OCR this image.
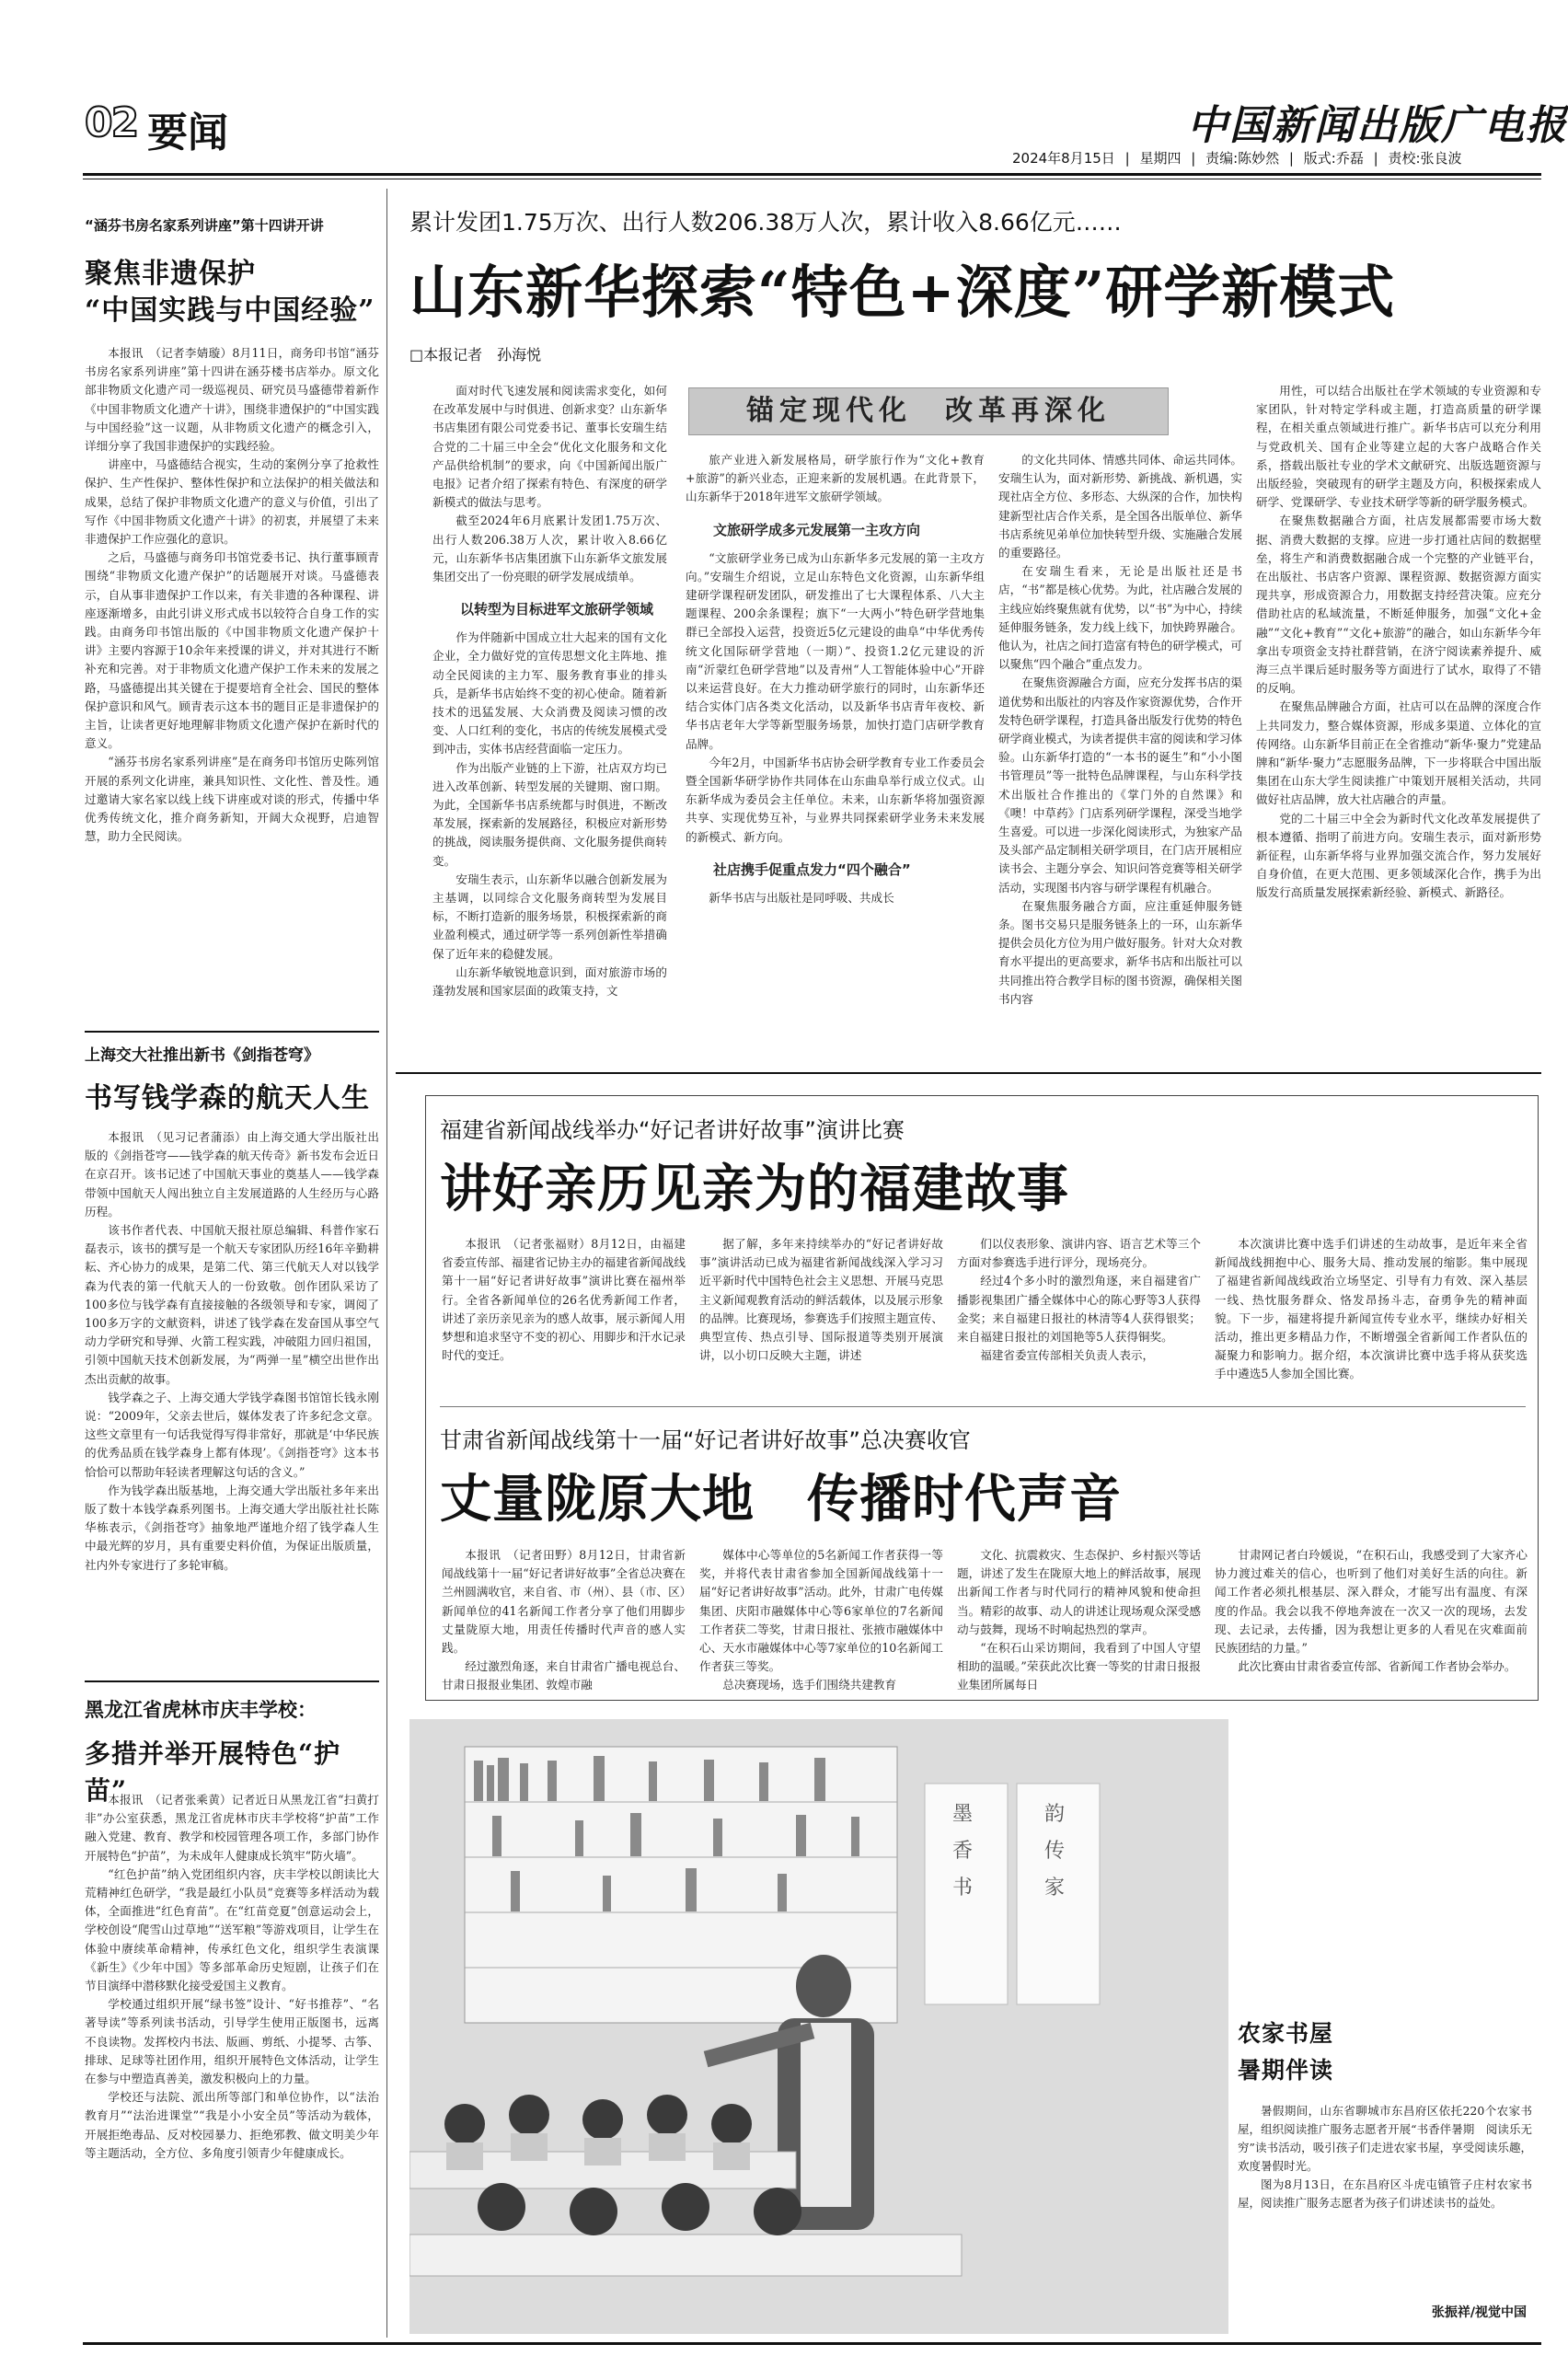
02 要闻	中国新闻出版广电报
2024年8月15日 | 星期四 | 责编:陈妙然 | 版式:乔磊 | 责校:张良波
“涵芬书房名家系列讲座”第十四讲开讲
聚焦非遗保护
“中国实践与中国经验”

本报讯　（记者李婧璇）8月11日，商务印书馆“涵芬书房名家系列讲座”第十四讲在涵芬楼书店举办。原文化部非物质文化遗产司一级巡视员、研究员马盛德带着新作《中国非物质文化遗产十讲》，围绕非遗保护的“中国实践与中国经验”这一议题，从非物质文化遗产的概念引入，详细分享了我国非遗保护的实践经验。

讲座中，马盛德结合视实，生动的案例分享了抢救性保护、生产性保护、整体性保护和立法保护的相关做法和成果，总结了保护非物质文化遗产的意义与价值，引出了写作《中国非物质文化遗产十讲》的初衷，并展望了未来非遗保护工作应强化的意识。

之后，马盛德与商务印书馆党委书记、执行董事顾青围绕“非物质文化遗产保护”的话题展开对谈。马盛德表示，自从事非遗保护工作以来，有关非遗的各种课程、讲座逐渐增多，由此引讲义形式成书以较符合自身工作的实践。由商务印书馆出版的《中国非物质文化遗产保护十讲》主要内容源于10余年来授课的讲义，并对其进行不断补充和完善。对于非物质文化遗产保护工作未来的发展之路，马盛德提出其关键在于提要培育全社会、国民的整体保护意识和风气。顾青表示这本书的题目正是非遗保护的主旨，让读者更好地理解非物质文化遗产保护在新时代的意义。

“涵芬书房名家系列讲座”是在商务印书馆历史陈列馆开展的系列文化讲座，兼具知识性、文化性、普及性。通过邀请大家名家以线上线下讲座或对谈的形式，传播中华优秀传统文化，推介商务新知，开阔大众视野，启迪智慧，助力全民阅读。

上海交大社推出新书《剑指苍穹》
书写钱学森的航天人生

本报讯　（见习记者蒲添）由上海交通大学出版社出版的《剑指苍穹——钱学森的航天传奇》新书发布会近日在京召开。该书记述了中国航天事业的奠基人——钱学森带领中国航天人闯出独立自主发展道路的人生经历与心路历程。

该书作者代表、中国航天报社原总编辑、科普作家石磊表示，该书的撰写是一个航天专家团队历经16年辛勤耕耘、齐心协力的成果，是第二代、第三代航天人对以钱学森为代表的第一代航天人的一份致敬。创作团队采访了100多位与钱学森有直接接触的各级领导和专家，调阅了100多万字的文献资料，讲述了钱学森在发奋国从事空气动力学研究和导弹、火箭工程实践，冲破阻力回归祖国，引领中国航天技术创新发展，为“两弹一星”横空出世作出杰出贡献的故事。

钱学森之子、上海交通大学钱学森图书馆馆长钱永刚说：“2009年，父亲去世后，媒体发表了许多纪念文章。这些文章里有一句话我觉得写得非常好，那就是‘中华民族的优秀品质在钱学森身上都有体现’。《剑指苍穹》这本书恰恰可以帮助年轻读者理解这句话的含义。”

作为钱学森出版基地，上海交通大学出版社多年来出版了数十本钱学森系列图书。上海交通大学出版社社长陈华栋表示，《剑指苍穹》抽象地严谨地介绍了钱学森人生中最光辉的岁月，具有重要史料价值，为保证出版质量，社内外专家进行了多轮审稿。

黑龙江省虎林市庆丰学校：
多措并举开展特色“护苗”

本报讯　（记者张乘黄）记者近日从黑龙江省“扫黄打非”办公室获悉，黑龙江省虎林市庆丰学校将“护苗”工作融入党建、教育、教学和校园管理各项工作，多部门协作开展特色“护苗”，为未成年人健康成长筑牢“防火墙”。

“红色护苗”纳入党团组织内容，庆丰学校以朗读比大荒精神红色研学，“我是最红小队员”竞赛等多样活动为载体，全面推进“红色育苗”。在“红苗竞夏”创意运动会上，学校创设“爬雪山过草地”“送军粮”等游戏项目，让学生在体验中赓续革命精神，传承红色文化，组织学生表演课《新生》《少年中国》等多部革命历史短剧，让孩子们在节目演绎中潜移默化接受爱国主义教育。

学校通过组织开展“绿书签”设计、“好书推荐”、“名著导读”等系列读书活动，引导学生使用正版图书，远离不良读物。发挥校内书法、版画、剪纸、小提琴、古筝、排球、足球等社团作用，组织开展特色文体活动，让学生在参与中塑造真善美，激发积极向上的力量。

学校还与法院、派出所等部门和单位协作，以“法治教育月”“法治进课堂”“我是小小安全员”等活动为载体，开展拒绝毒品、反对校园暴力、拒绝邪教、做文明美少年等主题活动，全方位、多角度引领青少年健康成长。

累计发团1.75万次、出行人数206.38万人次，累计收入8.66亿元……
山东新华探索“特色+深度”研学新模式
□本报记者　孙海悦
锚定现代化　改革再深化

面对时代飞速发展和阅读需求变化，如何在改革发展中与时俱进、创新求变？山东新华书店集团有限公司党委书记、董事长安瑞生结合党的二十届三中全会“优化文化服务和文化产品供给机制”的要求，向《中国新闻出版广电报》记者介绍了探索有特色、有深度的研学新模式的做法与思考。

截至2024年6月底累计发团1.75万次、出行人数206.38万人次，累计收入8.66亿元，山东新华书店集团旗下山东新华文旅发展集团交出了一份亮眼的研学发展成绩单。

以转型为目标进军文旅研学领域

作为伴随新中国成立壮大起来的国有文化企业，全力做好党的宣传思想文化主阵地、推动全民阅读的主力军、服务教育事业的排头兵，是新华书店始终不变的初心使命。随着新技术的迅猛发展、大众消费及阅读习惯的改变、人口红利的变化，书店的传统发展模式受到冲击，实体书店经营面临一定压力。

作为出版产业链的上下游，社店双方均已进入改革创新、转型发展的关键期、窗口期。为此，全国新华书店系统都与时俱进，不断改革发展，探索新的发展路径，积极应对新形势的挑战，阅读服务提供商、文化服务提供商转变。

安瑞生表示，山东新华以融合创新发展为主基调，以同综合文化服务商转型为发展目标，不断打造新的服务场景，积极探索新的商业盈利模式，通过研学等一系列创新性举措确保了近年来的稳健发展。

山东新华敏锐地意识到，面对旅游市场的蓬勃发展和国家层面的政策支持，文

旅产业进入新发展格局，研学旅行作为“文化+教育+旅游”的新兴业态，正迎来新的发展机遇。在此背景下，山东新华于2018年进军文旅研学领域。

文旅研学成多元发展第一主攻方向

“文旅研学业务已成为山东新华多元发展的第一主攻方向。”安瑞生介绍说，立足山东特色文化资源，山东新华组建研学课程研发团队，研发推出了七大课程体系、八大主题课程、200余条课程；旗下“一大两小”特色研学营地集群已全部投入运营，投资近5亿元建设的曲阜“中华优秀传统文化国际研学营地（一期）”、投资1.2亿元建设的沂南“沂蒙红色研学营地”以及青州“人工智能体验中心”开辟以来运营良好。在大力推动研学旅行的同时，山东新华还结合实体门店各类文化活动，以及新华书店青年夜校、新华书店老年大学等新型服务场景，加快打造门店研学教育品牌。

今年2月，中国新华书店协会研学教育专业工作委员会暨全国新华研学协作共同体在山东曲阜举行成立仪式。山东新华成为委员会主任单位。未来，山东新华将加强资源共享、实现优势互补，与业界共同探索研学业务未来发展的新模式、新方向。

社店携手促重点发力“四个融合”

新华书店与出版社是同呼吸、共成长

的文化共同体、情感共同体、命运共同体。安瑞生认为，面对新形势、新挑战、新机遇，实现社店全方位、多形态、大纵深的合作，加快构建新型社店合作关系，是全国各出版单位、新华书店系统见弟单位加快转型升级、实施融合发展的重要路径。

在安瑞生看来，无论是出版社还是书店，“书”都是核心优势。为此，社店融合发展的主线应始终聚焦就有优势，以“书”为中心，持续延伸服务链条，发力线上线下，加快跨界融合。他认为，社店之间打造富有特色的研学模式，可以聚焦“四个融合”重点发力。

在聚焦资源融合方面，应充分发挥书店的渠道优势和出版社的内容及作家资源优势，合作开发特色研学课程，打造具备出版发行优势的特色研学商业模式，为读者提供丰富的阅读和学习体验。山东新华打造的“一本书的诞生”和“小小图书管理员”等一批特色品牌课程，与山东科学技术出版社合作推出的《掌门外的自然课》和《噢！中草药》门店系列研学课程，深受当地学生喜爱。可以进一步深化阅读形式，为独家产品及头部产品定制相关研学项目，在门店开展相应读书会、主题分享会、知识问答竞赛等相关研学活动，实现图书内容与研学课程有机融合。

在聚焦服务融合方面，应注重延伸服务链条。图书交易只是服务链条上的一环，山东新华提供会员化方位为用户做好服务。针对大众对教育水平提出的更高要求，新华书店和出版社可以共同推出符合教学目标的图书资源，确保相关图书内容

用性，可以结合出版社在学术领域的专业资源和专家团队，针对特定学科或主题，打造高质量的研学课程，在相关重点领域进行推广。新华书店可以充分利用与党政机关、国有企业等建立起的大客户战略合作关系，搭载出版社专业的学术文献研究、出版选题资源与出版经验，突破现有的研学主题及方向，积极探索成人研学、党课研学、专业技术研学等新的研学服务模式。

在聚焦数据融合方面，社店发展都需要市场大数据、消费大数据的支撑。应进一步打通社店间的数据壁垒，将生产和消费数据融合成一个完整的产业链平台，在出版社、书店客户资源、课程资源、数据资源方面实现共享，形成资源合力，用数据支持经营决策。应充分借助社店的私域流量，不断延伸服务，加强“文化+金融”“文化+教育”“文化+旅游”的融合，如山东新华今年拿出专项资金支持社群营销，在济宁阅读素养提升、威海三点半课后延时服务等方面进行了试水，取得了不错的反响。

在聚焦品牌融合方面，社店可以在品牌的深度合作上共同发力，整合媒体资源，形成多渠道、立体化的宣传网络。山东新华目前正在全省推动“新华·聚力”党建品牌和“新华·聚力”志愿服务品牌，下一步将联合中国出版集团在山东大学生阅读推广中策划开展相关活动，共同做好社店品牌，放大社店融合的声量。

党的二十届三中全会为新时代文化改革发展提供了根本遵循、指明了前进方向。安瑞生表示，面对新形势新征程，山东新华将与业界加强交流合作，努力发展好自身价值，在更大范围、更多领域深化合作，携手为出版发行高质量发展探索新经验、新模式、新路径。

福建省新闻战线举办“好记者讲好故事”演讲比赛
讲好亲历见亲为的福建故事

本报讯　（记者张福财）8月12日，由福建省委宣传部、福建省记协主办的福建省新闻战线第十一届“好记者讲好故事”演讲比赛在福州举行。全省各新闻单位的26名优秀新闻工作者，讲述了亲历亲见亲为的感人故事，展示新闻人用梦想和追求坚守不变的初心、用脚步和汗水记录时代的变迁。

据了解，多年来持续举办的“好记者讲好故事”演讲活动已成为福建省新闻战线深入学习习近平新时代中国特色社会主义思想、开展马克思主义新闻观教育活动的鲜活载体，以及展示形象的品牌。比赛现场，参赛选手们按照主题宣传、典型宣传、热点引导、国际报道等类别开展演讲，以小切口反映大主题，讲述

们以仪表形象、演讲内容、语言艺术等三个方面对参赛选手进行评分，现场亮分。

经过4个多小时的激烈角逐，来自福建省广播影视集团广播全媒体中心的陈心野等3人获得金奖；来自福建日报社的林清等4人获得银奖；来自福建日报社的刘国艳等5人获得铜奖。

福建省委宣传部相关负责人表示，

本次演讲比赛中选手们讲述的生动故事，是近年来全省新闻战线拥抱中心、服务大局、推动发展的缩影。集中展现了福建省新闻战线政治立场坚定、引导有力有效、深入基层一线、热忱服务群众、恪发昂扬斗志，奋勇争先的精神面貌。下一步，福建将提升新闻宣传专业水平，继续办好相关活动，推出更多精品力作，不断增强全省新闻工作者队伍的凝聚力和影响力。据介绍，本次演讲比赛中选手将从获奖选手中遴选5人参加全国比赛。

甘肃省新闻战线第十一届“好记者讲好故事”总决赛收官
丈量陇原大地　传播时代声音

本报讯　（记者田野）8月12日，甘肃省新闻战线第十一届“好记者讲好故事”全省总决赛在兰州圆满收官，来自省、市（州）、县（市、区）新闻单位的41名新闻工作者分享了他们用脚步丈量陇原大地，用责任传播时代声音的感人实践。

经过激烈角逐，来自甘肃省广播电视总台、甘肃日报报业集团、敦煌市融

媒体中心等单位的5名新闻工作者获得一等奖，并将代表甘肃省参加全国新闻战线第十一届“好记者讲好故事”活动。此外，甘肃广电传媒集团、庆阳市融媒体中心等6家单位的7名新闻工作者获二等奖，甘肃日报社、张掖市融媒体中心、天水市融媒体中心等7家单位的10名新闻工作者获三等奖。

总决赛现场，选手们围绕共建教育

文化、抗震救灾、生态保护、乡村振兴等话题，讲述了发生在陇原大地上的鲜活故事，展现出新闻工作者与时代同行的精神风貌和使命担当。精彩的故事、动人的讲述让现场观众深受感动与鼓舞，现场不时响起热烈的掌声。

“在积石山采访期间，我看到了中国人守望相助的温暖。”荣获此次比赛一等奖的甘肃日报报业集团所属每日

甘肃网记者白玲媛说，“在积石山，我感受到了大家齐心协力渡过难关的信心，也听到了他们对美好生活的向往。新闻工作者必须扎根基层、深入群众，才能写出有温度、有深度的作品。我会以我不停地奔波在一次又一次的现场，去发现、去记录，去传播，因为我想让更多的人看见在灾难面前民族团结的力量。”

此次比赛由甘肃省委宣传部、省新闻工作者协会举办。

墨
香
书
韵
传
家
农家书屋
暑期伴读

暑假期间，山东省聊城市东昌府区依托220个农家书屋，组织阅读推广服务志愿者开展“书香伴暑期　阅读乐无穷”读书活动，吸引孩子们走进农家书屋，享受阅读乐趣，欢度暑假时光。

图为8月13日，在东昌府区斗虎屯镇管子庄村农家书屋，阅读推广服务志愿者为孩子们讲述读书的益处。

张振祥/视觉中国
